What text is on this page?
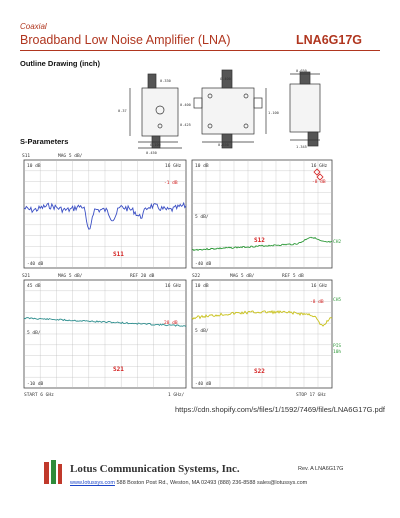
Coaxial
Broadband Low Noise Amplifier (LNA)	LNA6G17G
Outline Drawing (inch)
0.37
0.330
0.100
0.450
0.400
0.425
0.650
1.100
0.400
0.650
1.345
S-Parameters
S11	MAG 5 dB/
10 dB
-40 dB
16 GHz
-1 dB
10 dB
5 dB/
-40 dB
16 GHz
-8 dB
CH2
S21	MAG 5 dB/	REF 20 dB	S22	MAG 5 dB/	REF 5 dB
45 dB
5 dB/
-10 dB
16 GHz
28 dB
10 dB
5 dB/
-40 dB
16 GHz
-8 dB CH5
PIS
10h
START 6 GHz	1 GHz/	STOP 17 GHz
S11
S12
S21	S22
https://cdn.shopify.com/s/files/1/1592/7469/files/LNA6G17G.pdf
Lotus Communication Systems, Inc.	Rev. A LNA6G17G
www.lotussys.com 588 Boston Post Rd., Weston, MA 02493 (888) 236-8588 sales@lotussys.com
